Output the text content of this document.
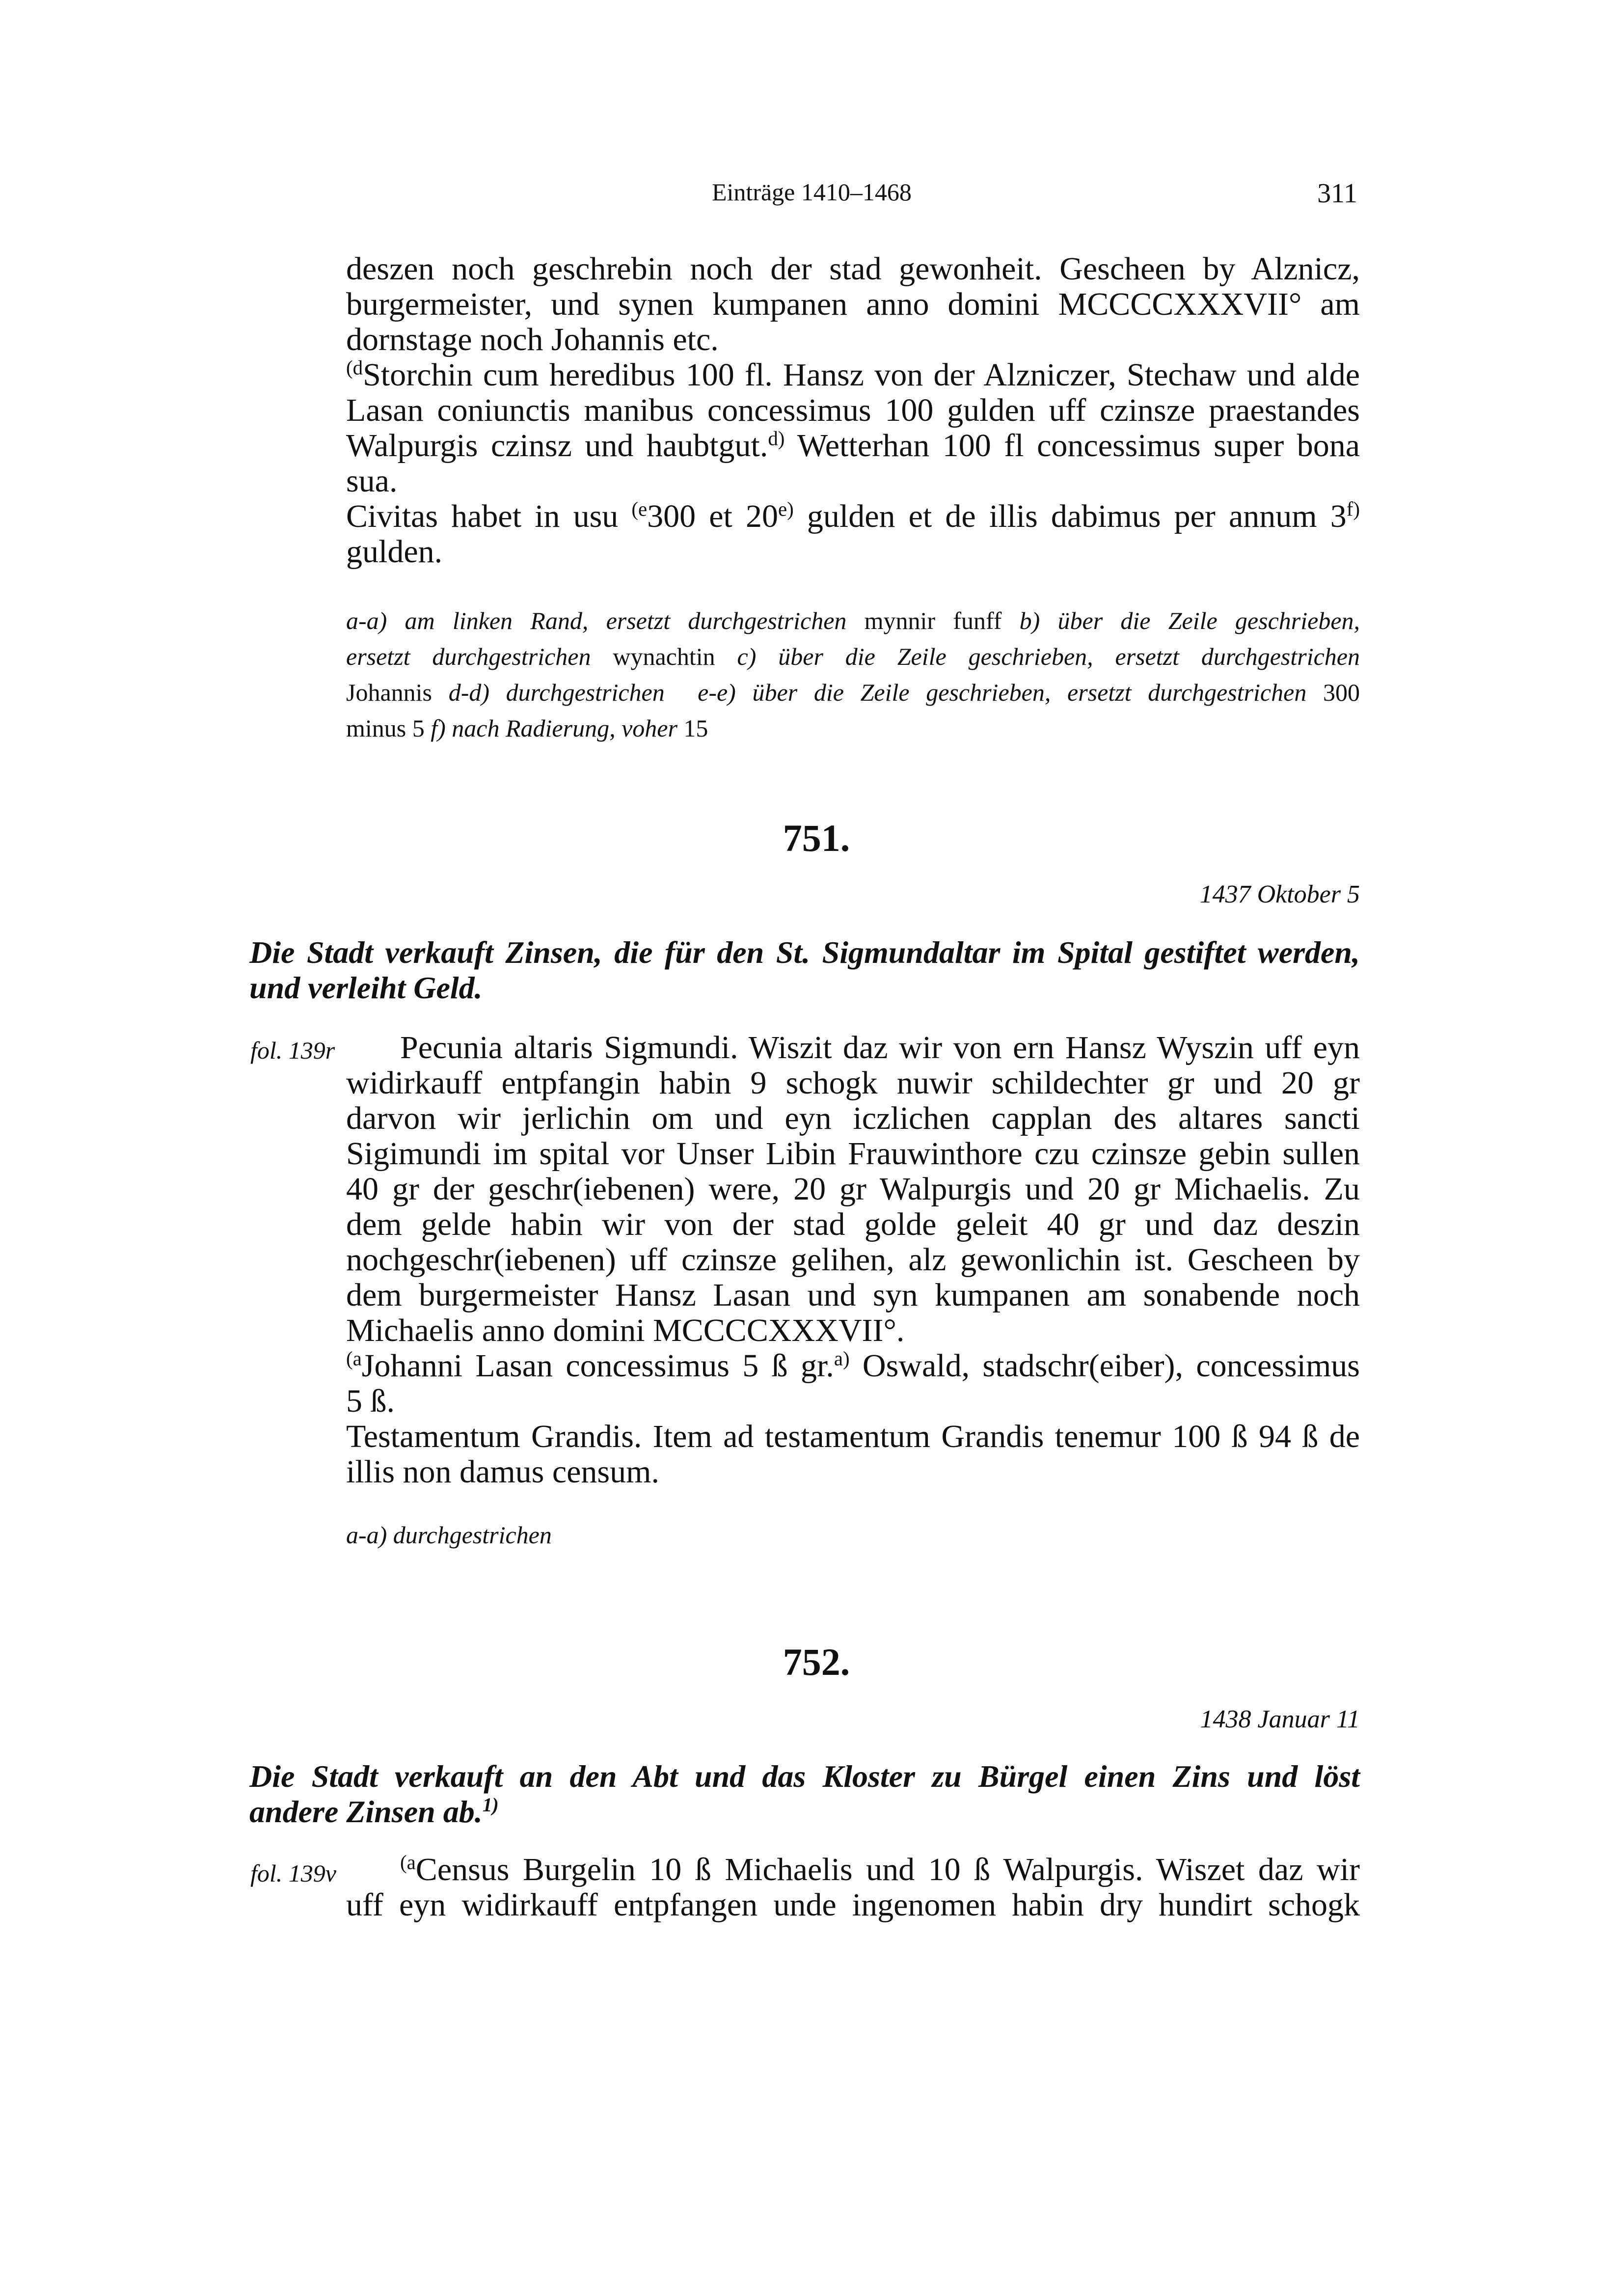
Einträge 1410–1468	311

deszen noch geschrebin noch der stad gewonheit. Gescheen by Alznicz,

burgermeister, und synen kumpanen anno domini MCCCCXXXVII° am

dornstage noch Johannis etc.

$^{(d}$Storchin cum heredibus 100 fl. Hansz von der Alzniczer, Stechaw und alde

Lasan coniunctis manibus concessimus 100 gulden uff czinsze praestandes

Walpurgis czinsz und haubtgut.$^{d)}$ Wetterhan 100 fl concessimus super bona

sua.

Civitas habet in usu $^{(e}$300 et 20$^{e)}$ gulden et de illis dabimus per annum 3$^{f)}$

gulden.

a-a) am linken Rand, ersetzt durchgestrichen mynnir funff b) über die Zeile geschrieben,

ersetzt durchgestrichen wynachtin c) über die Zeile geschrieben, ersetzt durchgestrichen

Johannis d-d) durchgestrichen e-e) über die Zeile geschrieben, ersetzt durchgestrichen 300

minus 5 f) nach Radierung, voher 15

751.
1437 Oktober 5
Die Stadt verkauft Zinsen, die für den St. Sigmundaltar im Spital gestiftet werden,
und verleiht Geld.
fol. 139r	Pecunia altaris Sigmundi. Wiszit daz wir von ern Hansz Wyszin uff eyn

widirkauff entpfangin habin 9 schogk nuwir schildechter gr und 20 gr

darvon wir jerlichin om und eyn iczlichen capplan des altares sancti

Sigimundi im spital vor Unser Libin Frauwinthore czu czinsze gebin sullen

40 gr der geschr(iebenen) were, 20 gr Walpurgis und 20 gr Michaelis. Zu

dem gelde habin wir von der stad golde geleit 40 gr und daz deszin

nochgeschr(iebenen) uff czinsze gelihen, alz gewonlichin ist. Gescheen by

dem burgermeister Hansz Lasan und syn kumpanen am sonabende noch

Michaelis anno domini MCCCCXXXVII°.

$^{(a}$Johanni Lasan concessimus 5 ß gr.$^{a)}$ Oswald, stadschr(eiber), concessimus

5 ß.

Testamentum Grandis. Item ad testamentum Grandis tenemur 100 ß 94 ß de

illis non damus censum.

a-a) durchgestrichen

752.
1438 Januar 11
Die Stadt verkauft an den Abt und das Kloster zu Bürgel einen Zins und löst
andere Zinsen ab.$^{1)}$
fol. 139v	$^{(a}$Census Burgelin 10 ß Michaelis und 10 ß Walpurgis. Wiszet daz wir

uff eyn widirkauff entpfangen unde ingenomen habin dry hundirt schogk
